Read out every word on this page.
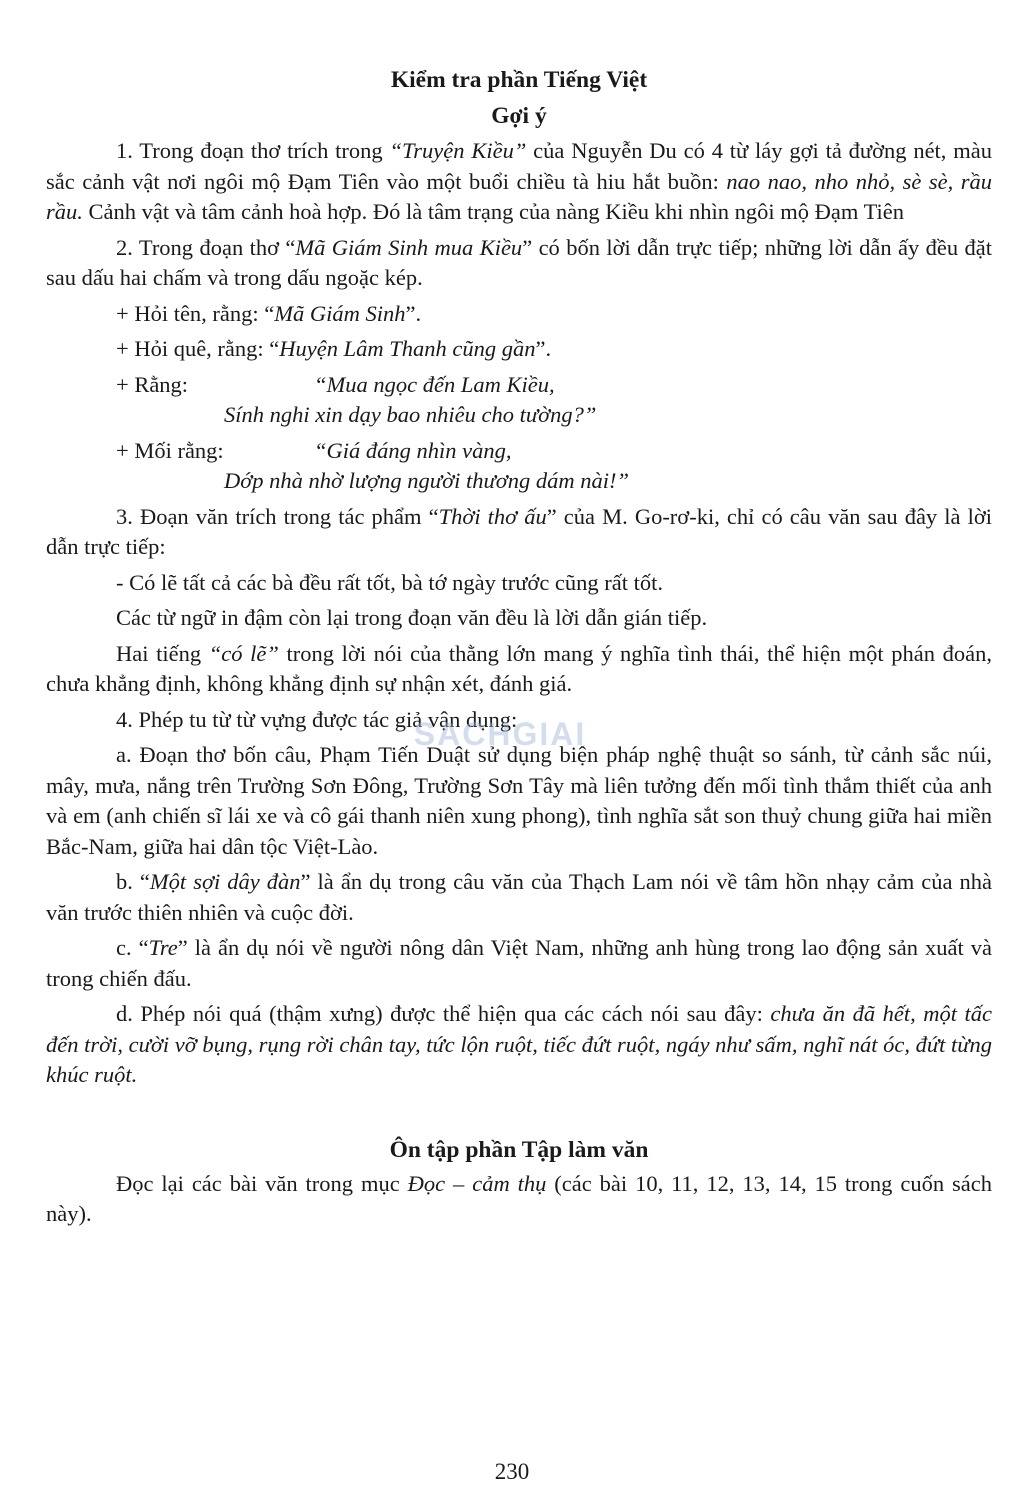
Kiểm tra phần Tiếng Việt
Gợi ý

1. Trong đoạn thơ trích trong “Truyện Kiều” của Nguyễn Du có 4 từ láy gợi tả đường nét, màu sắc cảnh vật nơi ngôi mộ Đạm Tiên vào một buổi chiều tà hiu hắt buồn: nao nao, nho nhỏ, sè sè, rầu rầu. Cảnh vật và tâm cảnh hoà hợp. Đó là tâm trạng của nàng Kiều khi nhìn ngôi mộ Đạm Tiên

2. Trong đoạn thơ “Mã Giám Sinh mua Kiều” có bốn lời dẫn trực tiếp; những lời dẫn ấy đều đặt sau dấu hai chấm và trong dấu ngoặc kép.

+ Hỏi tên, rằng: “Mã Giám Sinh”.

+ Hỏi quê, rằng: “Huyện Lâm Thanh cũng gần”.

+ Rằng:	“Mua ngọc đến Lam Kiều,
Sính nghi xin dạy bao nhiêu cho tường?”
+ Mối rằng:	“Giá đáng nhìn vàng,
Dớp nhà nhờ lượng người thương dám nài!”

3. Đoạn văn trích trong tác phẩm “Thời thơ ấu” của M. Go-rơ-ki, chỉ có câu văn sau đây là lời dẫn trực tiếp:

- Có lẽ tất cả các bà đều rất tốt, bà tớ ngày trước cũng rất tốt.

Các từ ngữ in đậm còn lại trong đoạn văn đều là lời dẫn gián tiếp.

Hai tiếng “có lẽ” trong lời nói của thằng lớn mang ý nghĩa tình thái, thể hiện một phán đoán, chưa khẳng định, không khẳng định sự nhận xét, đánh giá.

4. Phép tu từ từ vựng được tác giả vận dụng:

a. Đoạn thơ bốn câu, Phạm Tiến Duật sử dụng biện pháp nghệ thuật so sánh, từ cảnh sắc núi, mây, mưa, nắng trên Trường Sơn Đông, Trường Sơn Tây mà liên tưởng đến mối tình thắm thiết của anh và em (anh chiến sĩ lái xe và cô gái thanh niên xung phong), tình nghĩa sắt son thuỷ chung giữa hai miền Bắc-Nam, giữa hai dân tộc Việt-Lào.

b. “Một sợi dây đàn” là ẩn dụ trong câu văn của Thạch Lam nói về tâm hồn nhạy cảm của nhà văn trước thiên nhiên và cuộc đời.

c. “Tre” là ẩn dụ nói về người nông dân Việt Nam, những anh hùng trong lao động sản xuất và trong chiến đấu.

d. Phép nói quá (thậm xưng) được thể hiện qua các cách nói sau đây: chưa ăn đã hết, một tấc đến trời, cười vỡ bụng, rụng rời chân tay, tức lộn ruột, tiếc đứt ruột, ngáy như sấm, nghĩ nát óc, đứt từng khúc ruột.

Ôn tập phần Tập làm văn

Đọc lại các bài văn trong mục Đọc – cảm thụ (các bài 10, 11, 12, 13, 14, 15 trong cuốn sách này).

SACHGIAI
230
